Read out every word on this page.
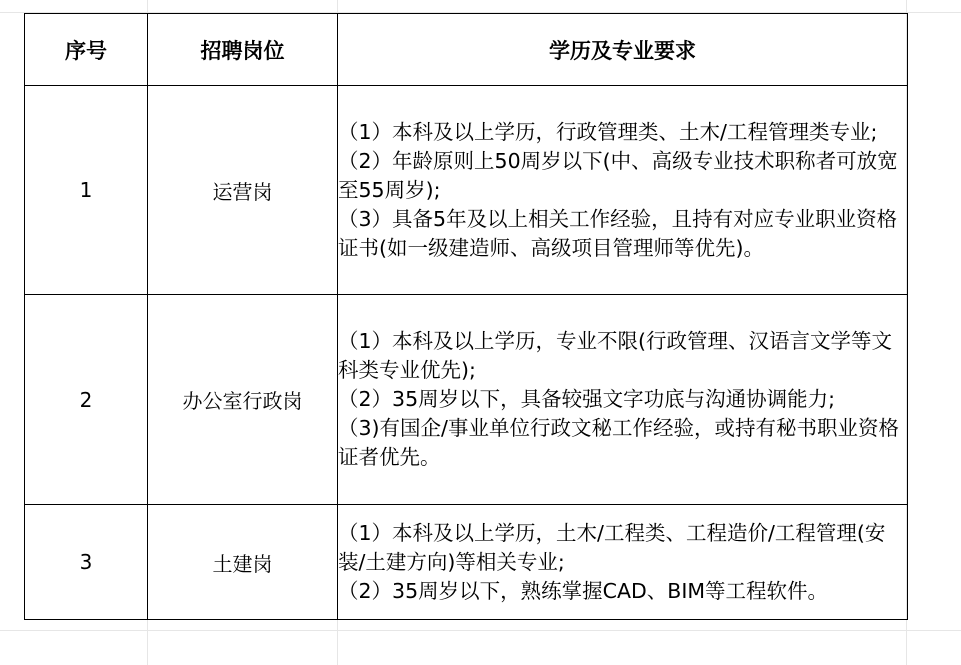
序号	招聘岗位	学历及专业要求
1	运营岗	（1）本科及以上学历，行政管理类、土木/工程管理类专业;
（2）年龄原则上50周岁以下(中、高级专业技术职称者可放宽至55周岁);
（3）具备5年及以上相关工作经验，且持有对应专业职业资格证书(如一级建造师、高级项目管理师等优先)。

2	办公室行政岗	（1）本科及以上学历，专业不限(行政管理、汉语言文学等文科类专业优先);
（2）35周岁以下，具备较强文字功底与沟通协调能力;
（3)有国企/事业单位行政文秘工作经验，或持有秘书职业资格证者优先。

3	土建岗	（1）本科及以上学历，土木/工程类、工程造价/工程管理(安装/土建方向)等相关专业;
（2）35周岁以下，熟练掌握CAD、BIM等工程软件。
